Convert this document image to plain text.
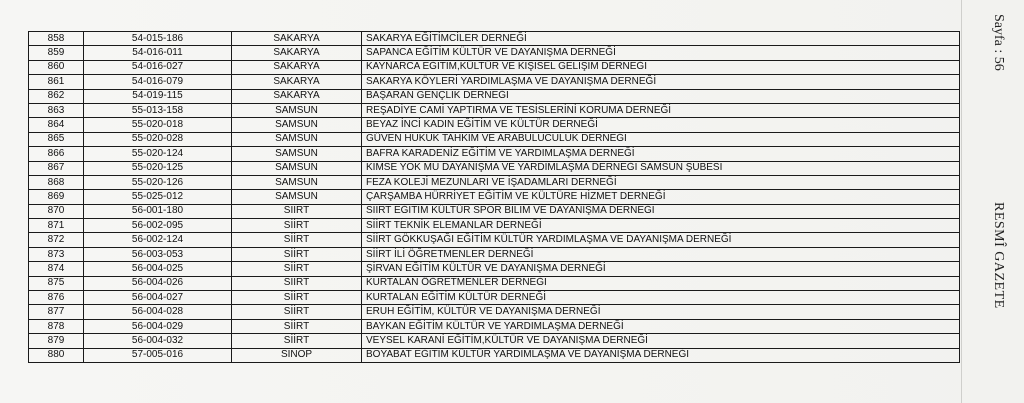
858	54-015-186	SAKARYA	SAKARYA EĞİTİMCİLER DERNEĞİ
859	54-016-011	SAKARYA	SAPANCA EĞİTİM KÜLTÜR VE DAYANIŞMA DERNEĞİ
860	54-016-027	SAKARYA	KAYNARCA EĞİTİM,KÜLTÜR VE KİŞİSEL GELİŞİM DERNEĞİ
861	54-016-079	SAKARYA	SAKARYA KÖYLERİ YARDIMLAŞMA VE DAYANIŞMA DERNEĞİ
862	54-019-115	SAKARYA	BAŞARAN GENÇLİK DERNEĞİ
863	55-013-158	SAMSUN	REŞADİYE CAMİ YAPTIRMA VE TESİSLERİNİ KORUMA DERNEĞİ
864	55-020-018	SAMSUN	BEYAZ İNCİ KADIN EĞİTİM VE KÜLTÜR DERNEĞİ
865	55-020-028	SAMSUN	GÜVEN HUKUK TAHKİM VE ARABULUCULUK DERNEĞİ
866	55-020-124	SAMSUN	BAFRA KARADENİZ EĞİTİM VE YARDIMLAŞMA DERNEĞİ
867	55-020-125	SAMSUN	KİMSE YOK MU DAYANIŞMA VE YARDIMLAŞMA DERNEĞİ SAMSUN ŞUBESİ
868	55-020-126	SAMSUN	FEZA KOLEJİ MEZUNLARI VE İŞADAMLARI DERNEĞİ
869	55-025-012	SAMSUN	ÇARŞAMBA HÜRRİYET EĞİTİM VE KÜLTÜRE HİZMET DERNEĞİ
870	56-001-180	SİİRT	SİİRT EĞİTİM KÜLTÜR SPOR BİLİM VE DAYANIŞMA DERNEĞİ
871	56-002-095	SİİRT	SİİRT TEKNİK ELEMANLAR DERNEĞİ
872	56-002-124	SİİRT	SİİRT GÖKKUŞAĞI EĞİTİM KÜLTÜR YARDIMLAŞMA VE DAYANIŞMA DERNEĞİ
873	56-003-053	SİİRT	SİİRT İLİ ÖĞRETMENLER DERNEĞİ
874	56-004-025	SİİRT	ŞİRVAN EĞİTİM KÜLTÜR VE DAYANIŞMA DERNEĞİ
875	56-004-026	SİİRT	KURTALAN ÖĞRETMENLER DERNEĞİ
876	56-004-027	SİİRT	KURTALAN EĞİTİM KÜLTÜR DERNEĞİ
877	56-004-028	SİİRT	ERUH EĞİTİM, KÜLTÜR VE DAYANIŞMA DERNEĞİ
878	56-004-029	SİİRT	BAYKAN EĞİTİM KÜLTÜR VE YARDIMLAŞMA DERNEĞİ
879	56-004-032	SİİRT	VEYSEL KARANİ EĞİTİM,KÜLTÜR VE DAYANIŞMA DERNEĞİ
880	57-005-016	SİNOP	BOYABAT EĞİTİM KÜLTÜR YARDIMLAŞMA VE DAYANIŞMA DERNEĞİ
Sayfa : 56
RESMÎ GAZETE
